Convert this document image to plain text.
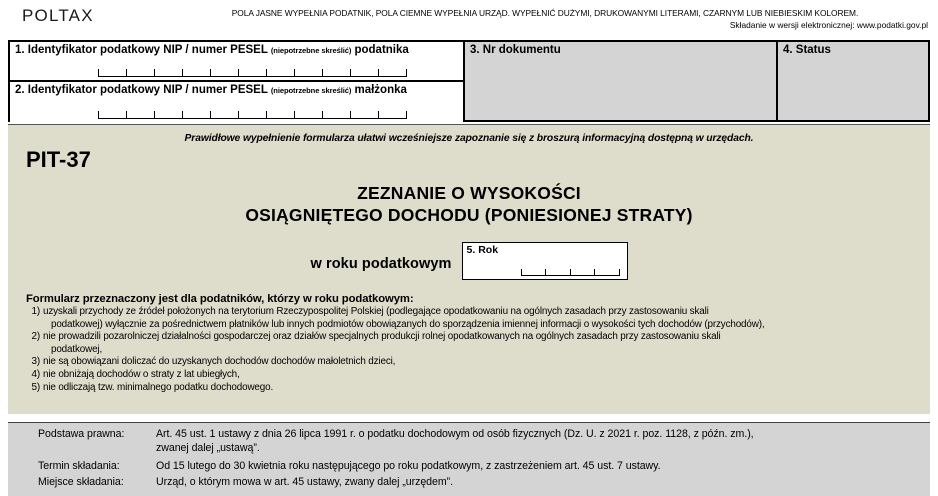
POLTAX	POLA JASNE WYPEŁNIA PODATNIK, POLA CIEMNE WYPEŁNIA URZĄD. WYPEŁNIĆ DUŻYMI, DRUKOWANYMI LITERAMI, CZARNYM LUB NIEBIESKIM KOLOREM.
Składanie w wersji elektronicznej: www.podatki.gov.pl
1. Identyfikator podatkowy NIP / numer PESEL (niepotrzebne skreślić) podatnika
2. Identyfikator podatkowy NIP / numer PESEL (niepotrzebne skreślić) małżonka
3. Nr dokumentu	4. Status
Prawidłowe wypełnienie formularza ułatwi wcześniejsze zapoznanie się z broszurą informacyjną dostępną w urzędach.
PIT-37
ZEZNANIE O WYSOKOŚCI
OSIĄGNIĘTEGO DOCHODU (PONIESIONEJ STRATY)
w roku podatkowym
5. Rok
Formularz przeznaczony jest dla podatników, którzy w roku podatkowym:
1) uzyskali przychody ze źródeł położonych na terytorium Rzeczypospolitej Polskiej (podlegające opodatkowaniu na ogólnych zasadach przy zastosowaniu skali
podatkowej) wyłącznie za pośrednictwem płatników lub innych podmiotów obowiązanych do sporządzenia imiennej informacji o wysokości tych dochodów (przychodów),
2) nie prowadzili pozarolniczej działalności gospodarczej oraz działów specjalnych produkcji rolnej opodatkowanych na ogólnych zasadach przy zastosowaniu skali
podatkowej,
3) nie są obowiązani doliczać do uzyskanych dochodów dochodów małoletnich dzieci,
4) nie obniżają dochodów o straty z lat ubiegłych,
5) nie odliczają tzw. minimalnego podatku dochodowego.
Podstawa prawna:	Art. 45 ust. 1 ustawy z dnia 26 lipca 1991 r. o podatku dochodowym od osób fizycznych (Dz. U. z 2021 r. poz. 1128, z późn. zm.),
zwanej dalej „ustawą”.
Termin składania:	Od 15 lutego do 30 kwietnia roku następującego po roku podatkowym, z zastrzeżeniem art. 45 ust. 7 ustawy.
Miejsce składania:	Urząd, o którym mowa w art. 45 ustawy, zwany dalej „urzędem”.
